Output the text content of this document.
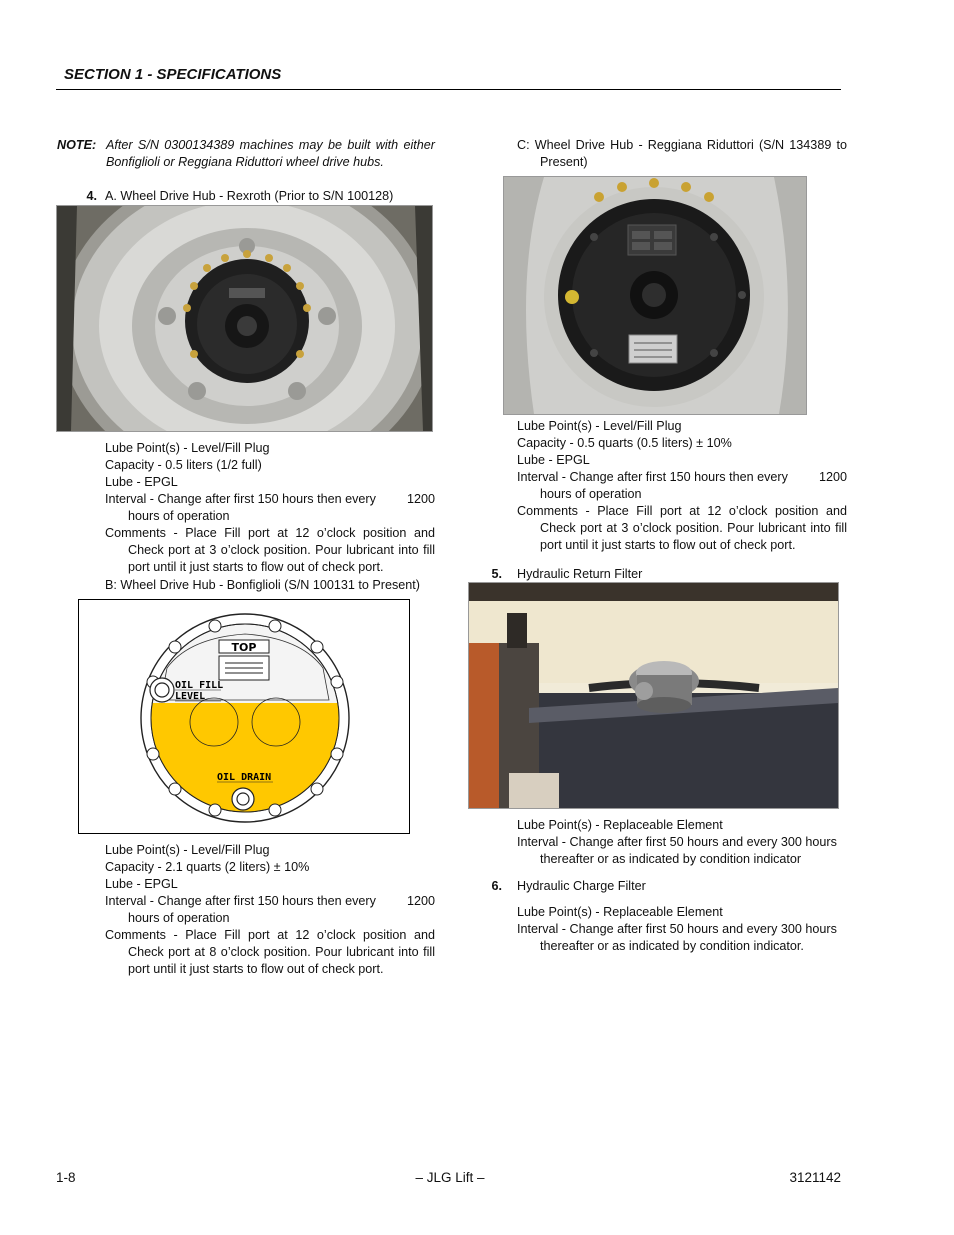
SECTION 1 - SPECIFICATIONS
NOTE: After S/N 0300134389 machines may be built with either Bonfiglioli or Reggiana Riduttori wheel drive hubs.
4. A. Wheel Drive Hub - Rexroth (Prior to S/N 100128)

Lube Point(s) - Level/Fill Plug

Capacity - 0.5 liters (1/2 full)

Lube - EPGL

Interval - Change after first 150 hours then every 1200

hours of operation

Comments - Place Fill port at 12 o’clock position and Check port at 3 o’clock position. Pour lubricant into fill port until it just starts to flow out of check port.

B: Wheel Drive Hub - Bonfiglioli (S/N 100131 to Present)
TOP
OIL FILL
LEVEL
OIL DRAIN

Lube Point(s) - Level/Fill Plug

Capacity - 2.1 quarts (2 liters) ± 10%

Lube - EPGL

Interval - Change after first 150 hours then every 1200

hours of operation

Comments - Place Fill port at 12 o’clock position and Check port at 8 o’clock position. Pour lubricant into fill port until it just starts to flow out of check port.

C: Wheel Drive Hub - Reggiana Riduttori (S/N 134389 to Present)

Lube Point(s) - Level/Fill Plug

Capacity - 0.5 quarts (0.5 liters) ± 10%

Lube - EPGL

Interval - Change after first 150 hours then every 1200

hours of operation

Comments - Place Fill port at 12 o’clock position and Check port at 3 o’clock position. Pour lubricant into fill port until it just starts to flow out of check port.

5. Hydraulic Return Filter

Lube Point(s) - Replaceable Element

Interval - Change after first 50 hours and every 300 hours thereafter or as indicated by condition indicator

6. Hydraulic Charge Filter

Lube Point(s) - Replaceable Element

Interval - Change after first 50 hours and every 300 hours thereafter or as indicated by condition indicator.

1-8	– JLG Lift –	3121142
